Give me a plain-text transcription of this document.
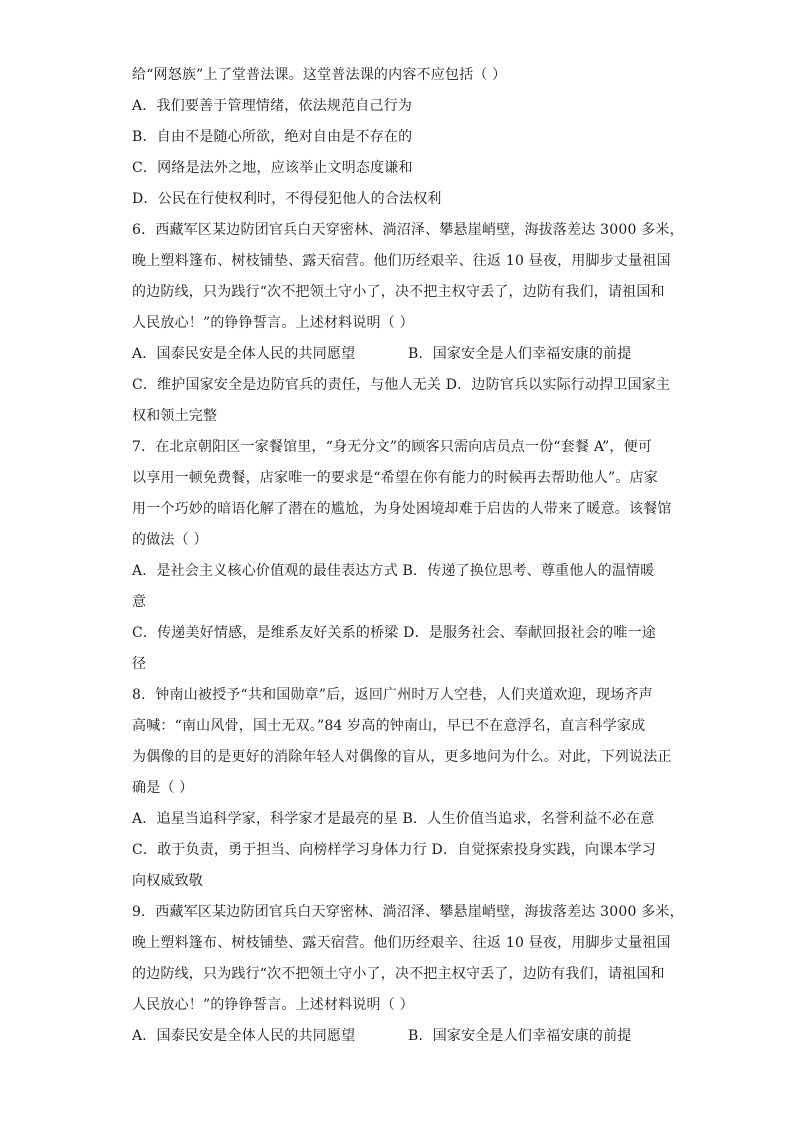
给“网怒族”上了堂普法课。这堂普法课的内容不应包括（ ）
A．我们要善于管理情绪，依法规范自己行为
B．自由不是随心所欲，绝对自由是不存在的
C．网络是法外之地，应该举止文明态度谦和
D．公民在行使权利时，不得侵犯他人的合法权利
6．西藏军区某边防团官兵白天穿密林、淌沼泽、攀悬崖峭壁，海拔落差达 3000 多米，
晚上塑料篷布、树枝铺垫、露天宿营。他们历经艰辛、往返 10 昼夜，用脚步丈量祖国
的边防线，只为践行“次不把领土守小了，决不把主权守丢了，边防有我们，请祖国和
人民放心！”的铮铮誓言。上述材料说明（ ）
A．国泰民安是全体人民的共同愿望	B．国家安全是人们幸福安康的前提
C．维护国家安全是边防官兵的责任，与他人无关 D．边防官兵以实际行动捍卫国家主
权和领土完整
7．在北京朝阳区一家餐馆里，“身无分文”的顾客只需向店员点一份“套餐 A”，便可
以享用一顿免费餐，店家唯一的要求是“希望在你有能力的时候再去帮助他人”。店家
用一个巧妙的暗语化解了潜在的尴尬，为身处困境却难于启齿的人带来了暖意。该餐馆
的做法（ ）
A．是社会主义核心价值观的最佳表达方式 B．传递了换位思考、尊重他人的温情暖
意
C．传递美好情感，是维系友好关系的桥梁 D．是服务社会、奉献回报社会的唯一途
径
8．钟南山被授予“共和国勋章”后，返回广州时万人空巷，人们夹道欢迎，现场齐声
高喊：“南山风骨，国士无双。”84 岁高的钟南山，早已不在意浮名，直言科学家成
为偶像的目的是更好的消除年轻人对偶像的盲从，更多地问为什么。对此，下列说法正
确是（ ）
A．追星当追科学家，科学家才是最亮的星 B．人生价值当追求，名誉利益不必在意
C．敢于负责，勇于担当、向榜样学习身体力行 D．自觉探索投身实践，向课本学习
向权威致敬
9．西藏军区某边防团官兵白天穿密林、淌沼泽、攀悬崖峭壁，海拔落差达 3000 多米，
晚上塑料篷布、树枝铺垫、露天宿营。他们历经艰辛、往返 10 昼夜，用脚步丈量祖国
的边防线，只为践行“次不把领土守小了，决不把主权守丢了，边防有我们，请祖国和
人民放心！”的铮铮誓言。上述材料说明（ ）
A．国泰民安是全体人民的共同愿望	B．国家安全是人们幸福安康的前提
